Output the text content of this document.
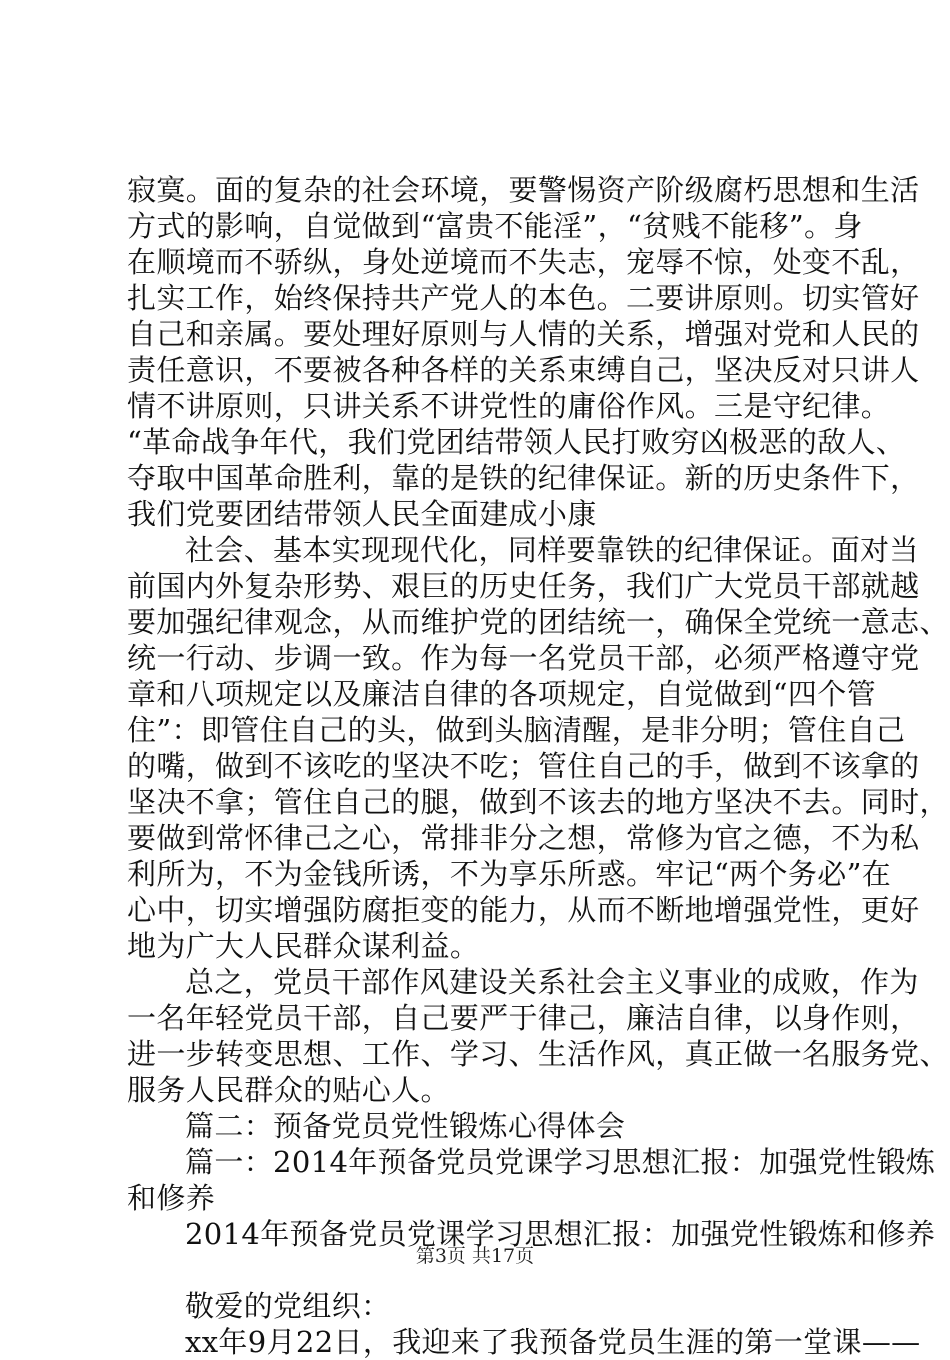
寂寞。面的复杂的社会环境，要警惕资产阶级腐朽思想和生活
方式的影响，自觉做到“富贵不能淫”，“贫贱不能移”。身
在顺境而不骄纵，身处逆境而不失志，宠辱不惊，处变不乱，
扎实工作，始终保持共产党人的本色。二要讲原则。切实管好
自己和亲属。要处理好原则与人情的关系，增强对党和人民的
责任意识，不要被各种各样的关系束缚自己，坚决反对只讲人
情不讲原则，只讲关系不讲党性的庸俗作风。三是守纪律。
“革命战争年代，我们党团结带领人民打败穷凶极恶的敌人、
夺取中国革命胜利，靠的是铁的纪律保证。新的历史条件下，
我们党要团结带领人民全面建成小康
社会、基本实现现代化，同样要靠铁的纪律保证。面对当
前国内外复杂形势、艰巨的历史任务，我们广大党员干部就越
要加强纪律观念，从而维护党的团结统一，确保全党统一意志、
统一行动、步调一致。作为每一名党员干部，必须严格遵守党
章和八项规定以及廉洁自律的各项规定，自觉做到“四个管
住”：即管住自己的头，做到头脑清醒，是非分明；管住自己
的嘴，做到不该吃的坚决不吃；管住自己的手，做到不该拿的
坚决不拿；管住自己的腿，做到不该去的地方坚决不去。同时，
要做到常怀律己之心，常排非分之想，常修为官之德，不为私
利所为，不为金钱所诱，不为享乐所惑。牢记“两个务必”在
心中，切实增强防腐拒变的能力，从而不断地增强党性，更好
地为广大人民群众谋利益。
总之，党员干部作风建设关系社会主义事业的成败，作为
一名年轻党员干部，自己要严于律己，廉洁自律，以身作则，
进一步转变思想、工作、学习、生活作风，真正做一名服务党、
服务人民群众的贴心人。
篇二：预备党员党性锻炼心得体会
篇一：2014年预备党员党课学习思想汇报：加强党性锻炼
和修养
2014年预备党员党课学习思想汇报：加强党性锻炼和修养
敬爱的党组织：
xx年9月22日，我迎来了我预备党员生涯的第一堂课——
第3页 共17页
